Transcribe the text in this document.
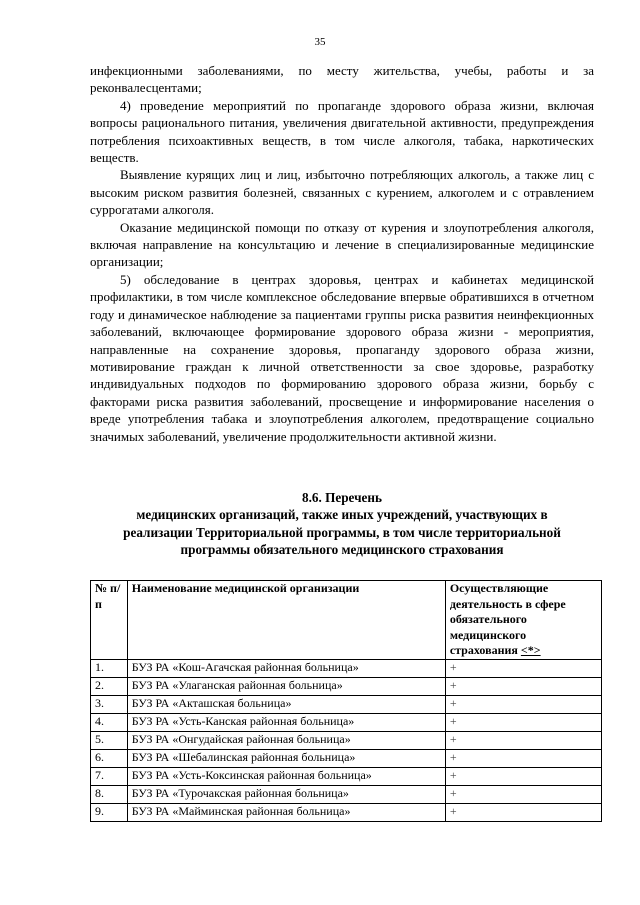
35

инфекционными заболеваниями, по месту жительства, учебы, работы и за реконвалесцентами;

4) проведение мероприятий по пропаганде здорового образа жизни, включая вопросы рационального питания, увеличения двигательной активности, предупреждения потребления психоактивных веществ, в том числе алкоголя, табака, наркотических веществ.

Выявление курящих лиц и лиц, избыточно потребляющих алкоголь, а также лиц с высоким риском развития болезней, связанных с курением, алкоголем и с отравлением суррогатами алкоголя.

Оказание медицинской помощи по отказу от курения и злоупотребления алкоголя, включая направление на консультацию и лечение в специализированные медицинские организации;

5) обследование в центрах здоровья, центрах и кабинетах медицинской профилактики, в том числе комплексное обследование впервые обратившихся в отчетном году и динамическое наблюдение за пациентами группы риска развития неинфекционных заболеваний, включающее формирование здорового образа жизни - мероприятия, направленные на сохранение здоровья, пропаганду здорового образа жизни, мотивирование граждан к личной ответственности за свое здоровье, разработку индивидуальных подходов по формированию здорового образа жизни, борьбу с факторами риска развития заболеваний, просвещение и информирование населения о вреде употребления табака и злоупотребления алкоголем, предотвращение социально значимых заболеваний, увеличение продолжительности активной жизни.

8.6. Перечень
медицинских организаций, также иных учреждений, участвующих в
реализации Территориальной программы, в том числе территориальной
программы обязательного медицинского страхования
№ п/п	Наименование медицинской организации	Осуществляющие деятельность в сфере обязательного медицинского страхования <*>
1.	БУЗ РА «Кош-Агачская районная больница»	+
2.	БУЗ РА «Улаганская районная больница»	+
3.	БУЗ РА «Акташская больница»	+
4.	БУЗ РА «Усть-Канская районная больница»	+
5.	БУЗ РА «Онгудайская районная больница»	+
6.	БУЗ РА «Шебалинская районная больница»	+
7.	БУЗ РА «Усть-Коксинская районная больница»	+
8.	БУЗ РА «Турочакская районная больница»	+
9.	БУЗ РА «Майминская районная больница»	+
